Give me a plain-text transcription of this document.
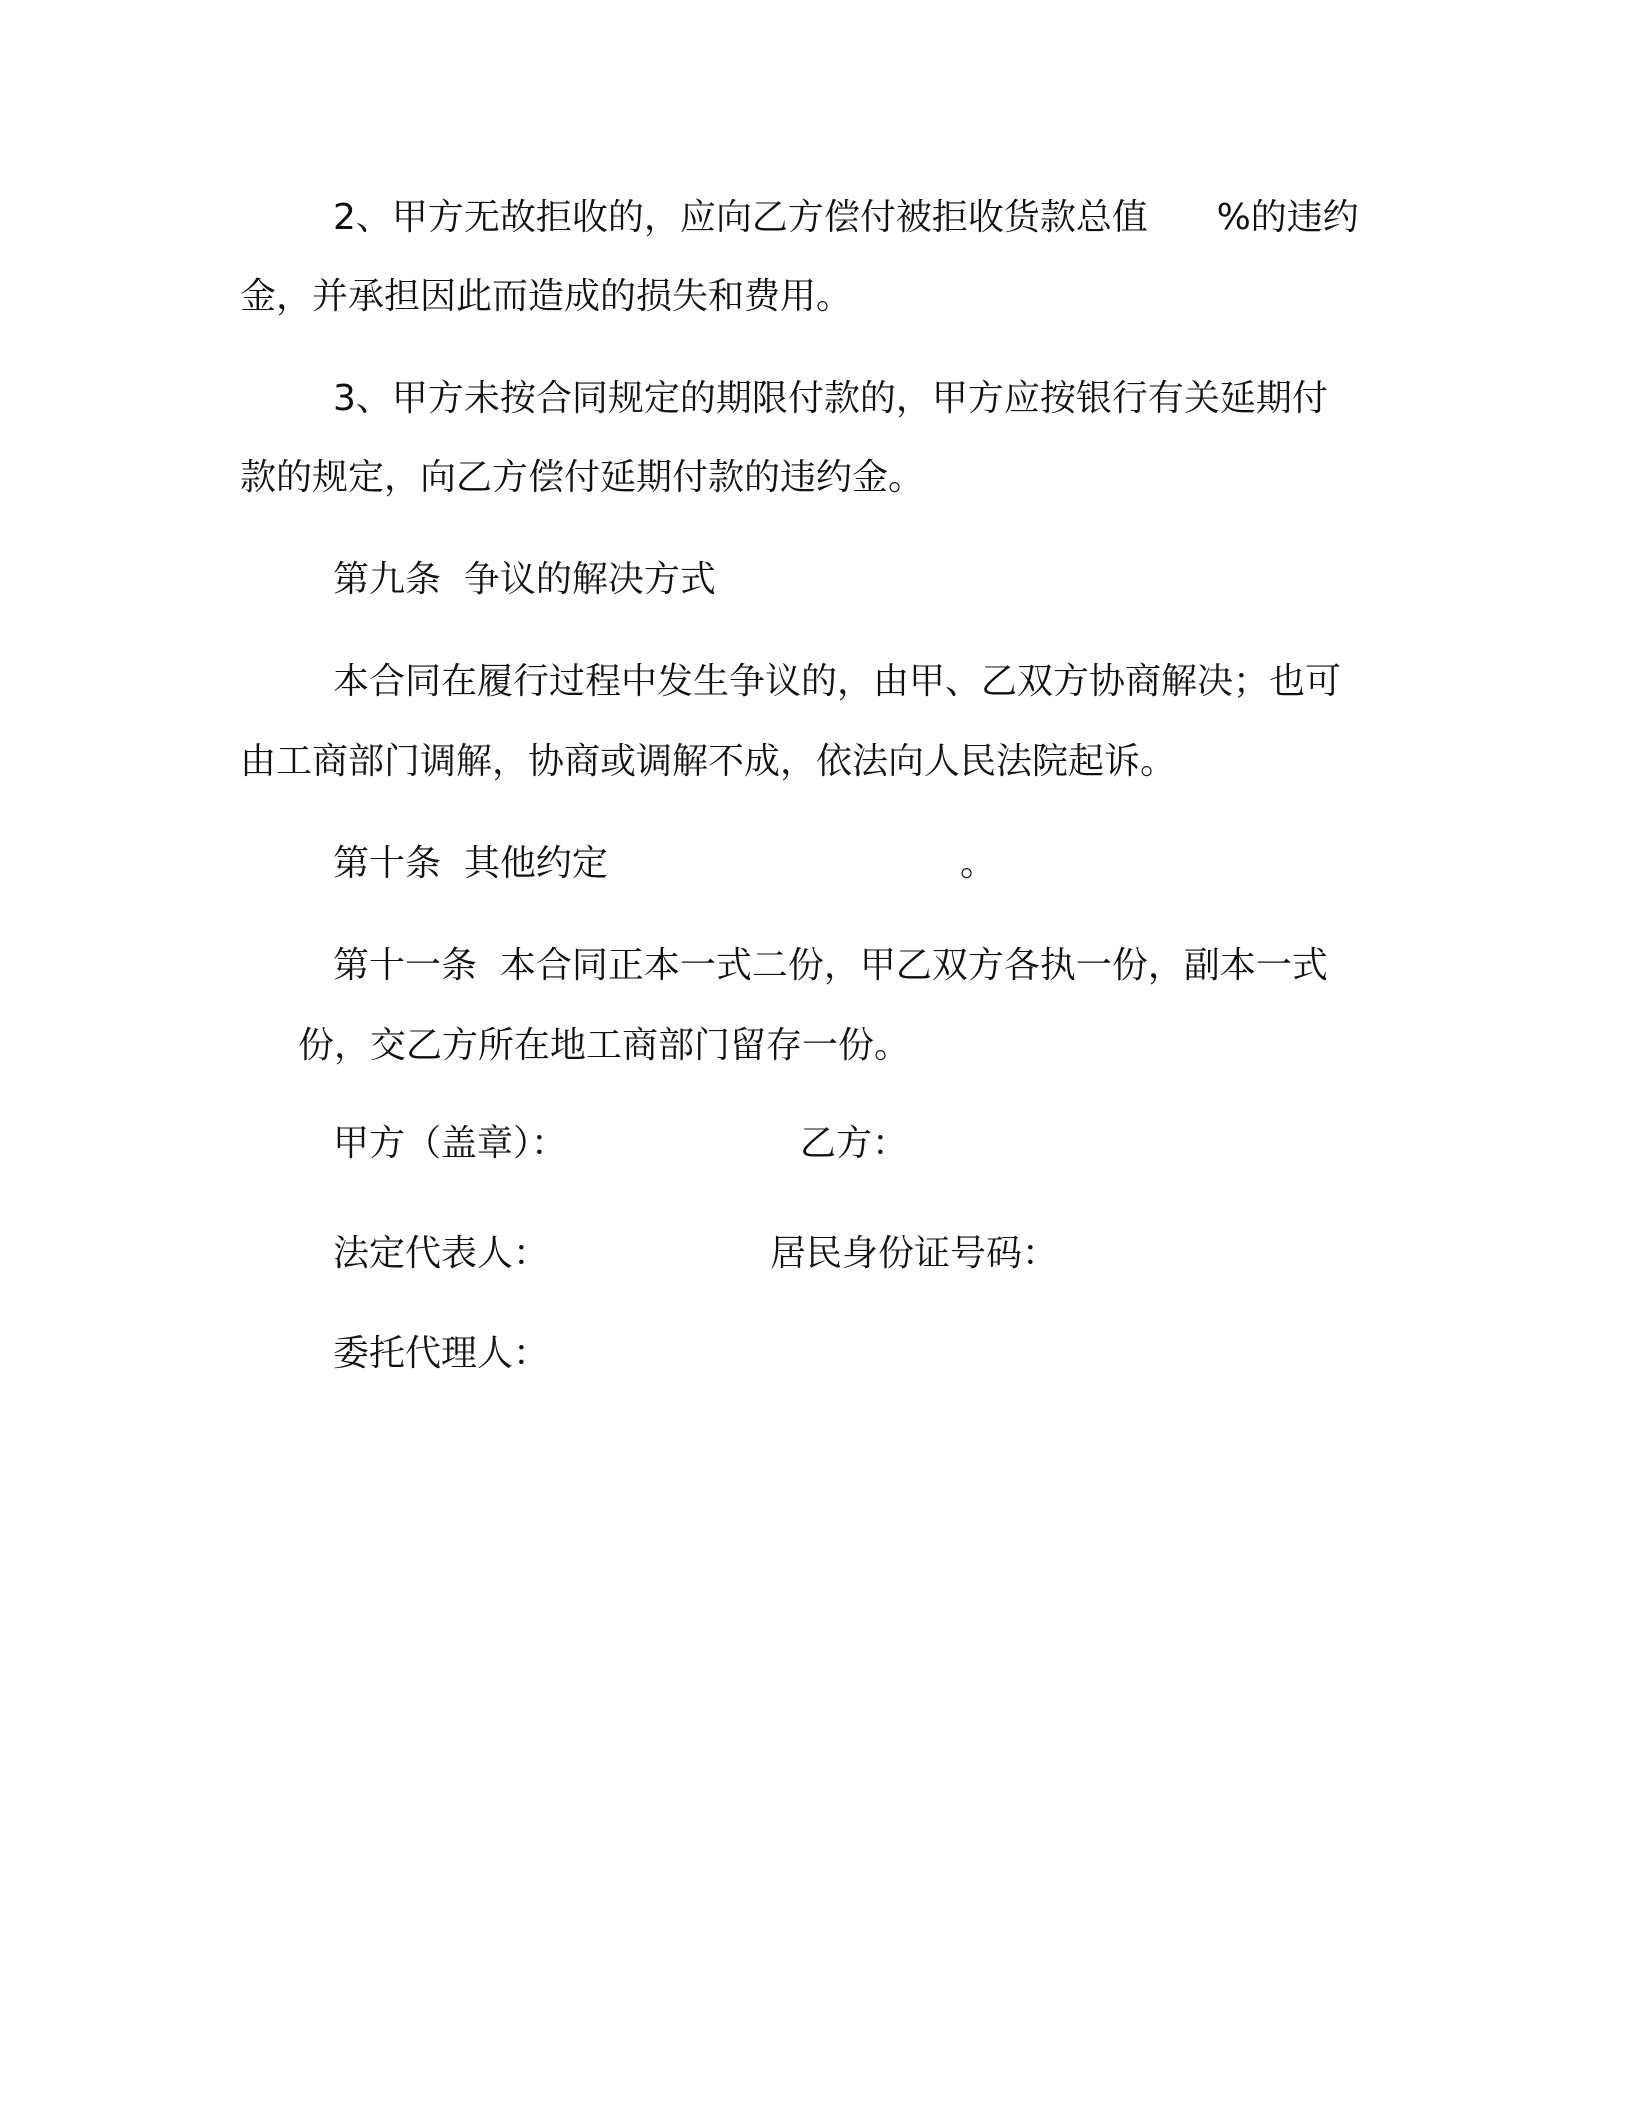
2、甲方无故拒收的，应向乙方偿付被拒收货款总值      %的违约
金，并承担因此而造成的损失和费用。
3、甲方未按合同规定的期限付款的，甲方应按银行有关延期付
款的规定，向乙方偿付延期付款的违约金。
第九条  争议的解决方式
本合同在履行过程中发生争议的，由甲、乙双方协商解决；也可
由工商部门调解，协商或调解不成，依法向人民法院起诉。
第十条  其他约定	。
第十一条  本合同正本一式二份，甲乙双方各执一份，副本一式
份，交乙方所在地工商部门留存一份。
甲方（盖章）：	乙方：
法定代表人：	居民身份证号码：
委托代理人：
